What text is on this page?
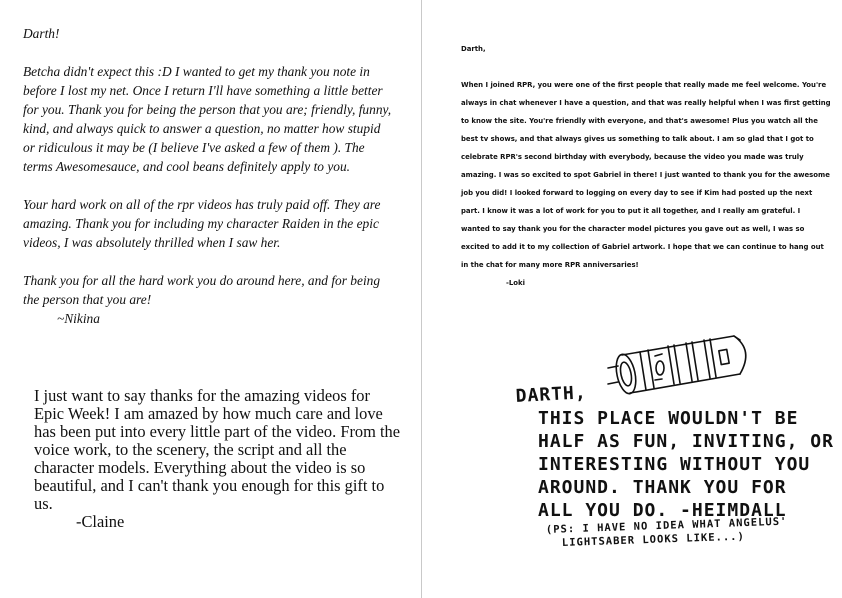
Darth!

Betcha didn't expect this :D I wanted to get my thank you note in before I lost my net. Once I return I'll have something a little better for you. Thank you for being the person that you are; friendly, funny, kind, and always quick to answer a question, no matter how stupid or ridiculous it may be (I believe I've asked a few of them ). The terms Awesomesauce, and cool beans definitely apply to you.

Your hard work on all of the rpr videos has truly paid off. They are amazing. Thank you for including my character Raiden in the epic videos, I was absolutely thrilled when I saw her.

Thank you for all the hard work you do around here, and for being the person that you are!

~Nikina

I just want to say thanks for the amazing videos for Epic Week! I am amazed by how much care and love has been put into every little part of the video. From the voice work, to the scenery, the script and all the character models. Everything about the video is so beautiful, and I can't thank you enough for this gift to us.

-Claine

Darth,

When I joined RPR, you were one of the first people that really made me feel welcome. You're always in chat whenever I have a question, and that was really helpful when I was first getting to know the site. You're friendly with everyone, and that's awesome! Plus you watch all the best tv shows, and that always gives us something to talk about. I am so glad that I got to celebrate RPR's second birthday with everybody, because the video you made was truly amazing. I was so excited to spot Gabriel in there! I just wanted to thank you for the awesome job you did! I looked forward to logging on every day to see if Kim had posted up the next part. I know it was a lot of work for you to put it all together, and I really am grateful. I wanted to say thank you for the character model pictures you gave out as well, I was so excited to add it to my collection of Gabriel artwork. I hope that we can continue to hang out in the chat for many more RPR anniversaries!

-Loki

DARTH,
THIS PLACE WOULDN'T BE
HALF AS FUN, INVITING, OR
INTERESTING WITHOUT YOU
AROUND. THANK YOU FOR
ALL YOU DO. -HEIMDALL
(PS: I HAVE NO IDEA WHAT ANGELUS'
LIGHTSABER LOOKS LIKE...)
